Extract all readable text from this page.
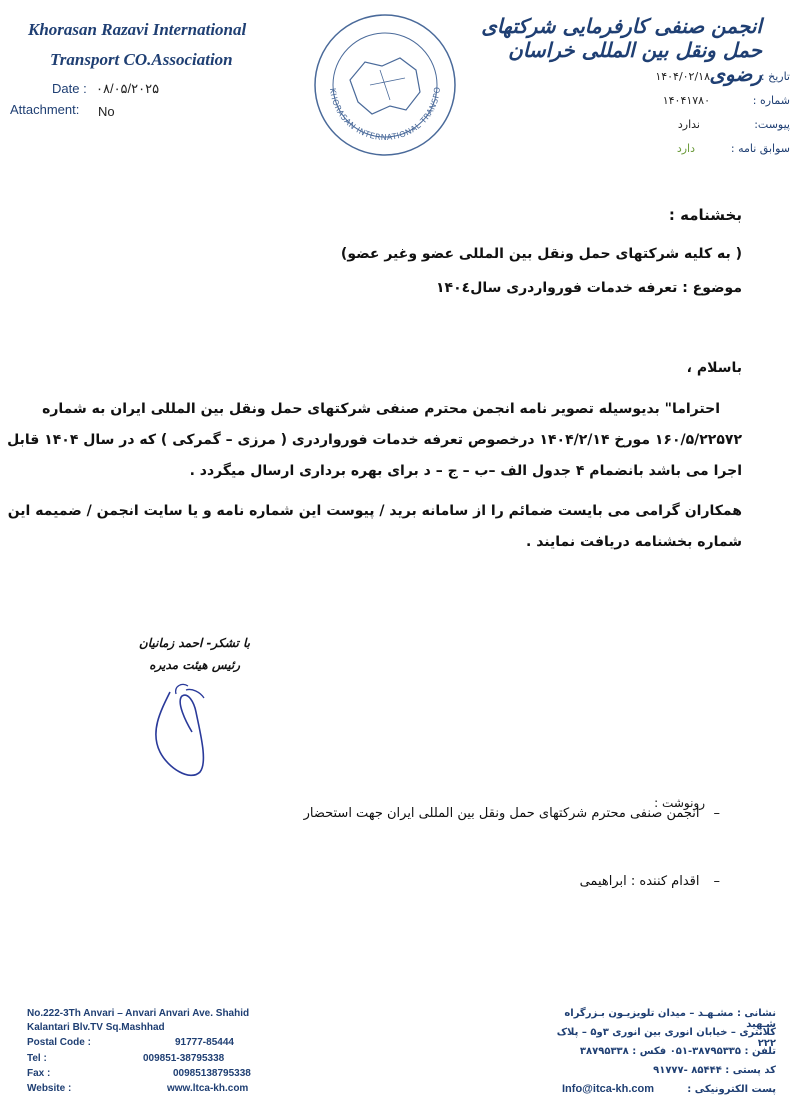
Khorasan Razavi International
Transport CO.Association
Date : ۰۸/۰۵/۲۰۲۵
Attachment: No
KHORASAN INTERNATIONAL TRANSPO
انجمن صنفی کارفرمایی شرکتهای حمل ونقل بین المللی خراسان رضوی
تاریخ :
۱۴۰۴/۰۲/۱۸
شماره :
۱۴۰۴۱۷۸۰
پیوست:
ندارد
سوابق نامه :
دارد
بخشنامه :
( به کلیه شرکتهای حمل ونقل بین المللی عضو وغیر عضو)
موضوع : تعرفه خدمات فورواردری سال۱۴۰٤
باسلام ،
احتراما" بدیوسیله تصویر نامه انجمن محترم صنفی شرکتهای حمل ونقل بین المللی ایران به شماره
۱۶۰/۵/۲۲۵۷۲ مورخ ۱۴۰۴/۲/۱۴ درخصوص تعرفه خدمات فورواردری ( مرزی – گمرکی ) که در سال ۱۴۰۴ قابل
اجرا می باشد بانضمام ۴ جدول الف –ب – ج – د برای بهره برداری ارسال میگردد .
همکاران گرامی می بایست ضمائم را از سامانه برید / پیوست این شماره نامه و یا سایت انجمن / ضمیمه این
شماره بخشنامه دریافت نمایند .
با تشکر- احمد زمانیان
رئیس هیئت مدیره
رونوشت :
–انجمن صنفی محترم شرکتهای حمل ونقل بین المللی ایران جهت استحضار
–اقدام کننده : ابراهیمی
No.222-3Th Anvari – Anvari Anvari Ave. Shahid
Kalantari Blv.TV Sq.Mashhad
Postal Code :	91777-85444
Tel :	009851-38795338
Fax :	00985138795338
Website :	www.ltca-kh.com
نشانی : مشـهـد – میدان تلویزیـون بـزرگراه شـهید
کلانتری – خیابان انوری بین انوری ۳و۵ – پلاک ۲۲۲
تلفن : ۳۸۷۹۵۳۳۵-۰۵۱ فکس : ۳۸۷۹۵۳۳۸
کد پستی : ۸۵۴۴۴ -۹۱۷۷۷
پست الکترونیکی :
Info@itca-kh.com
